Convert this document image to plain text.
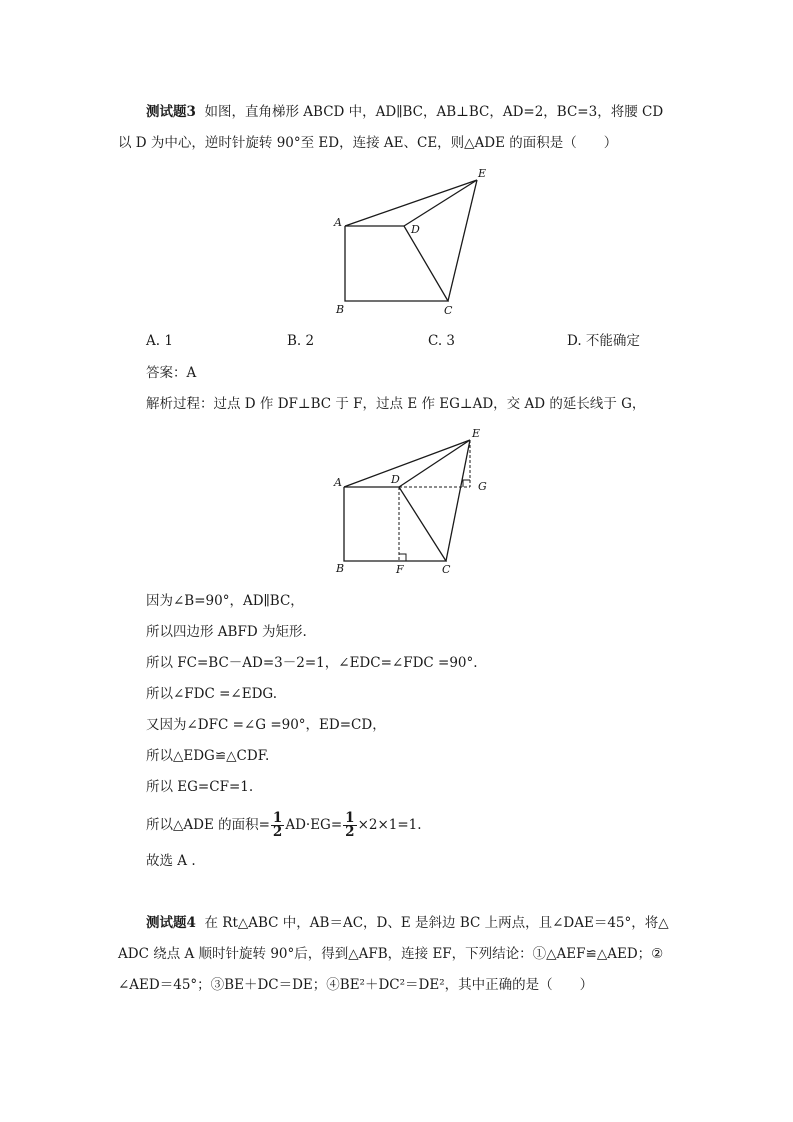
测试题3 如图，直角梯形 ABCD 中，AD∥BC，AB⊥BC，AD=2，BC=3，将腰 CD
以 D 为中心，逆时针旋转 90°至 ED，连接 AE、CE，则△ADE 的面积是（　　）
A
B	C
D
E
A. 1	B. 2	C. 3	D. 不能确定
答案：A
解析过程：过点 D 作 DF⊥BC 于 F，过点 E 作 EG⊥AD，交 AD 的延长线于 G，
A
B	C
D
E
F
G
因为∠B=90°，AD∥BC，
所以四边形 ABFD 为矩形.
所以 FC=BC－AD=3－2=1，∠EDC=∠FDC =90°.
所以∠FDC =∠EDG.
又因为∠DFC =∠G =90°，ED=CD，
所以△EDG≌△CDF.
所以 EG=CF=1.
所以△ADE 的面积= $\frac{1}{2} AD\cdot EG= \frac{1}{2} \times 2\times 1=1$.
故选 A .
测试题4 在 Rt△ABC 中，AB＝AC，D、E 是斜边 BC 上两点，且∠DAE＝45°，将△
ADC 绕点 A 顺时针旋转 90°后，得到△AFB，连接 EF，下列结论：①△AEF≌△AED；②
∠AED＝45°；③BE＋DC＝DE；④BE²＋DC²＝DE²，其中正确的是（　　）
